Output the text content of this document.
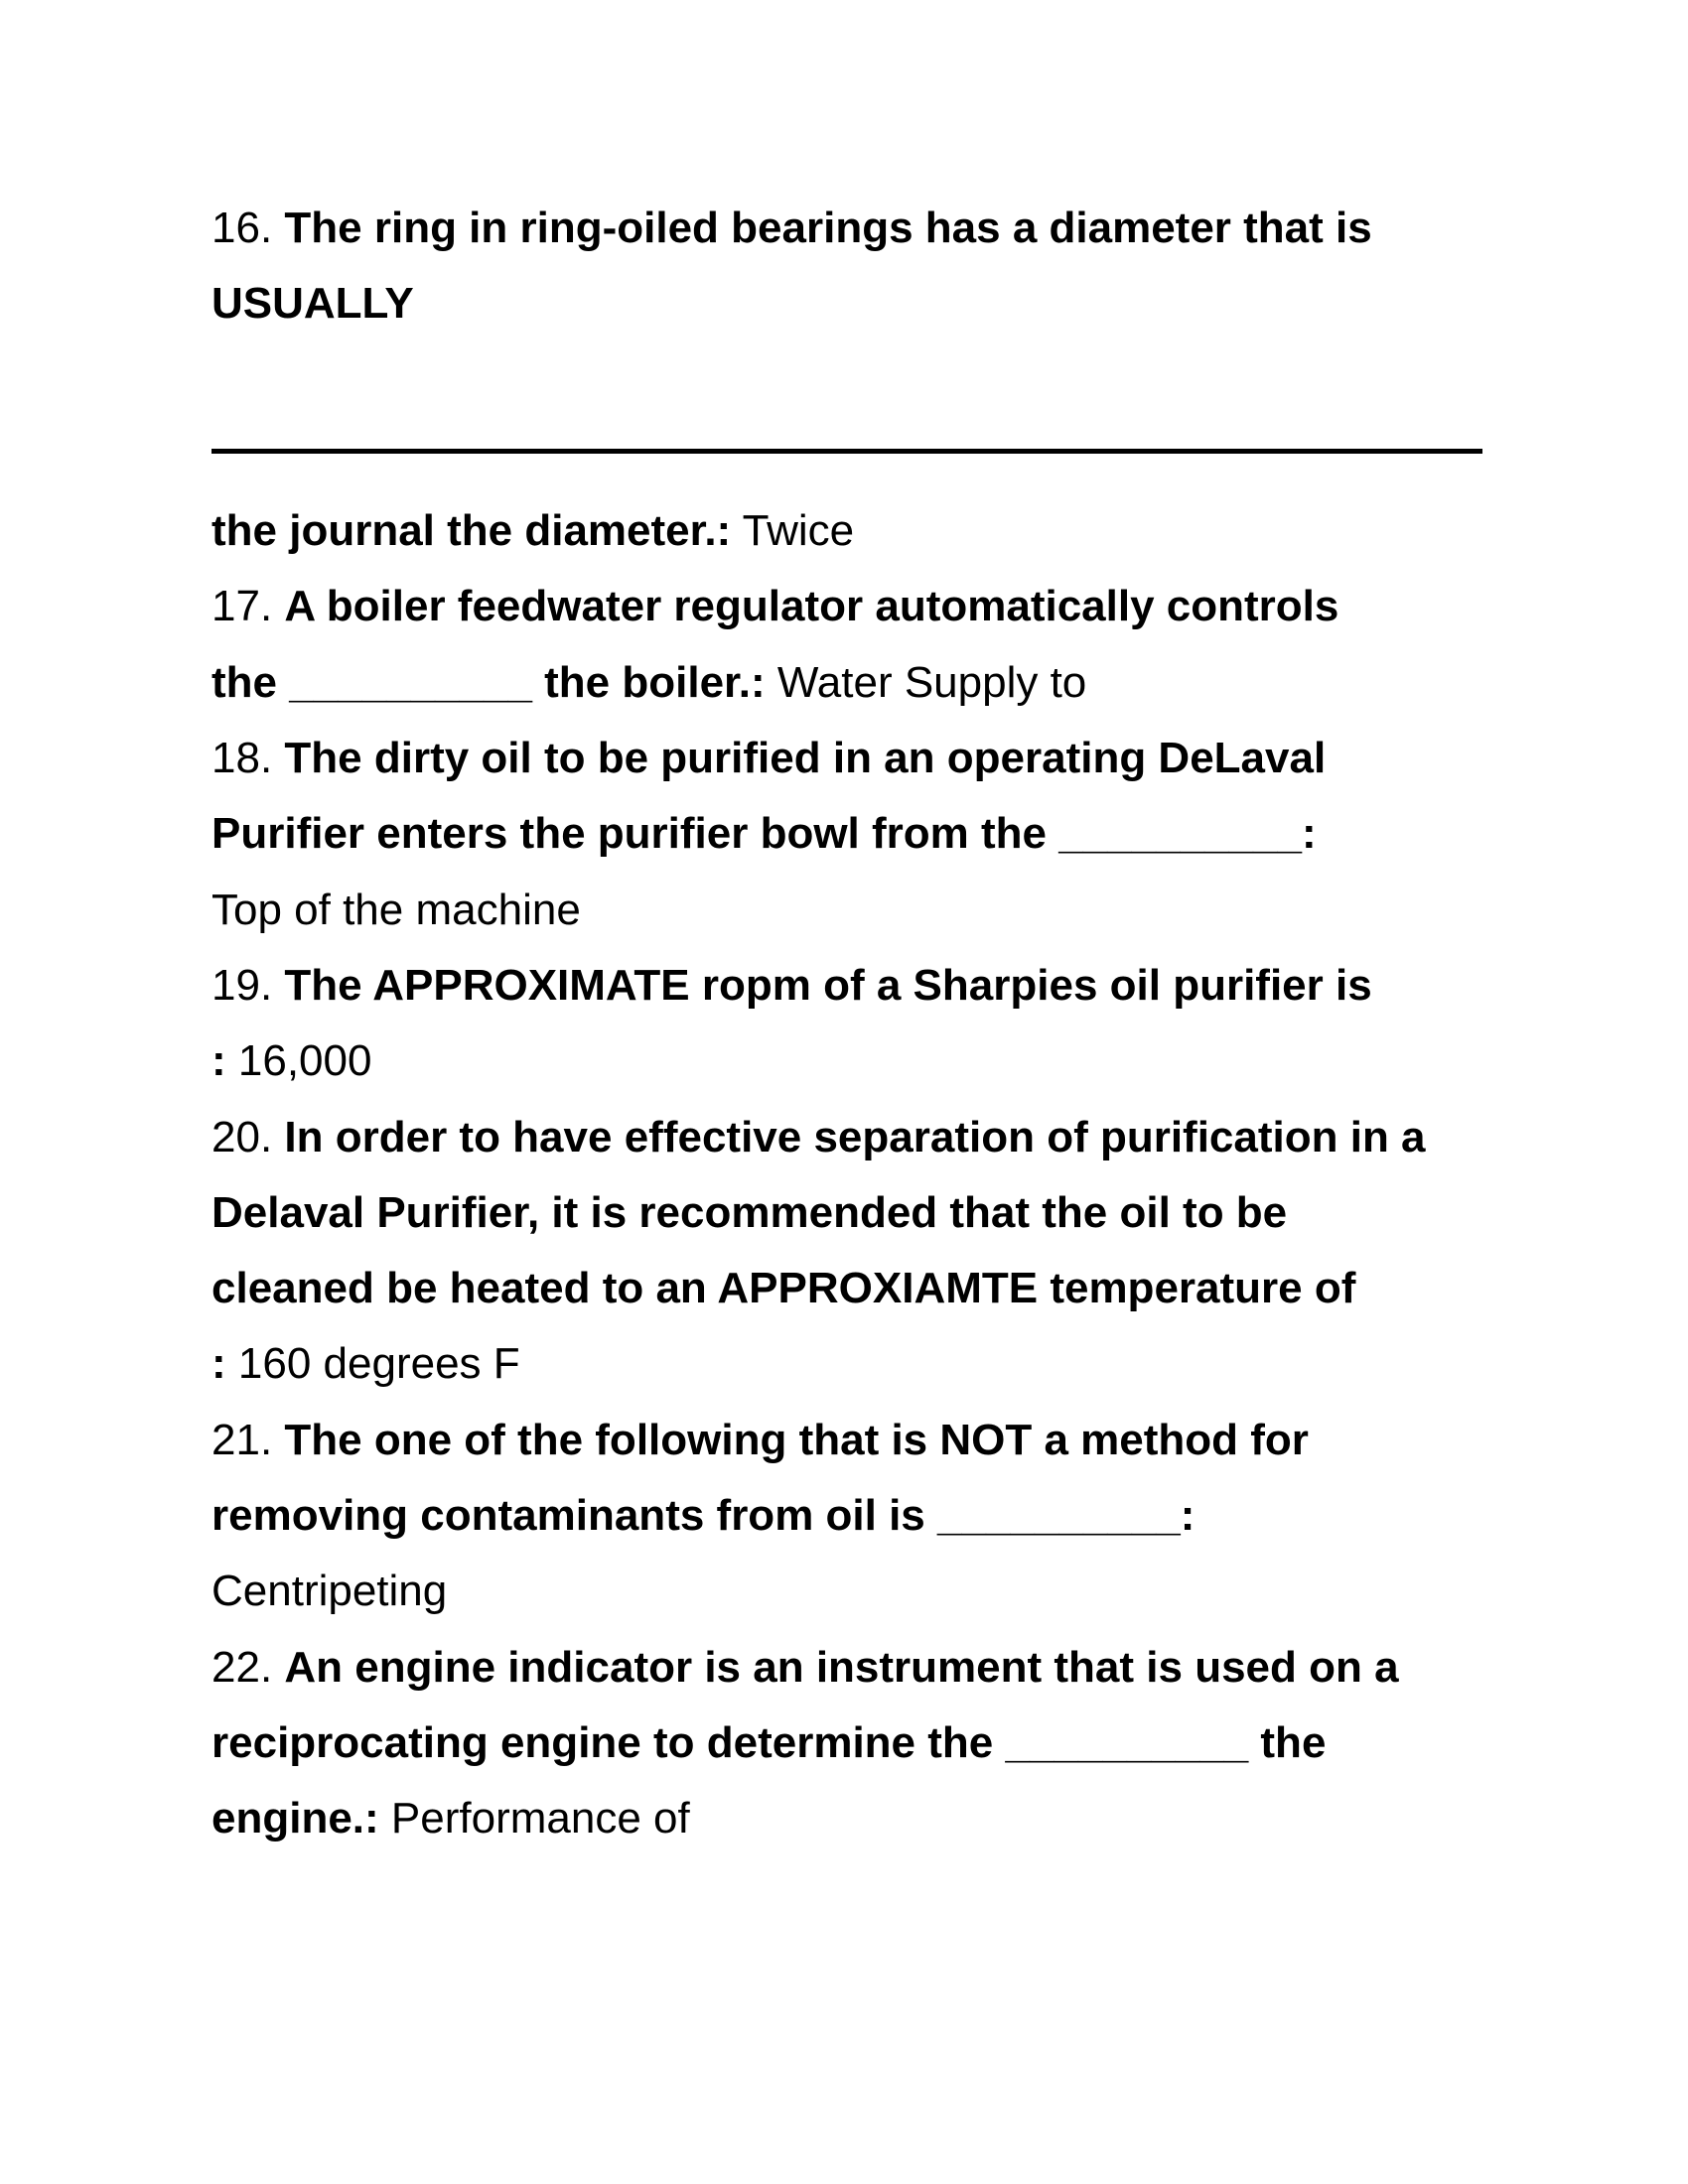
16. The ring in ring-oiled bearings has a diameter that is
USUALLY
the journal the diameter.: Twice
17. A boiler feedwater regulator automatically controls
the __________ the boiler.: Water Supply to
18. The dirty oil to be purified in an operating DeLaval
Purifier enters the purifier bowl from the __________:
Top of the machine
19. The APPROXIMATE ropm of a Sharpies oil purifier is
: 16,000
20. In order to have effective separation of purification in a
Delaval Purifier, it is recommended that the oil to be
cleaned be heated to an APPROXIAMTE temperature of
: 160 degrees F
21. The one of the following that is NOT a method for
removing contaminants from oil is __________:
Centripeting
22. An engine indicator is an instrument that is used on a
reciprocating engine to determine the __________ the
engine.: Performance of
